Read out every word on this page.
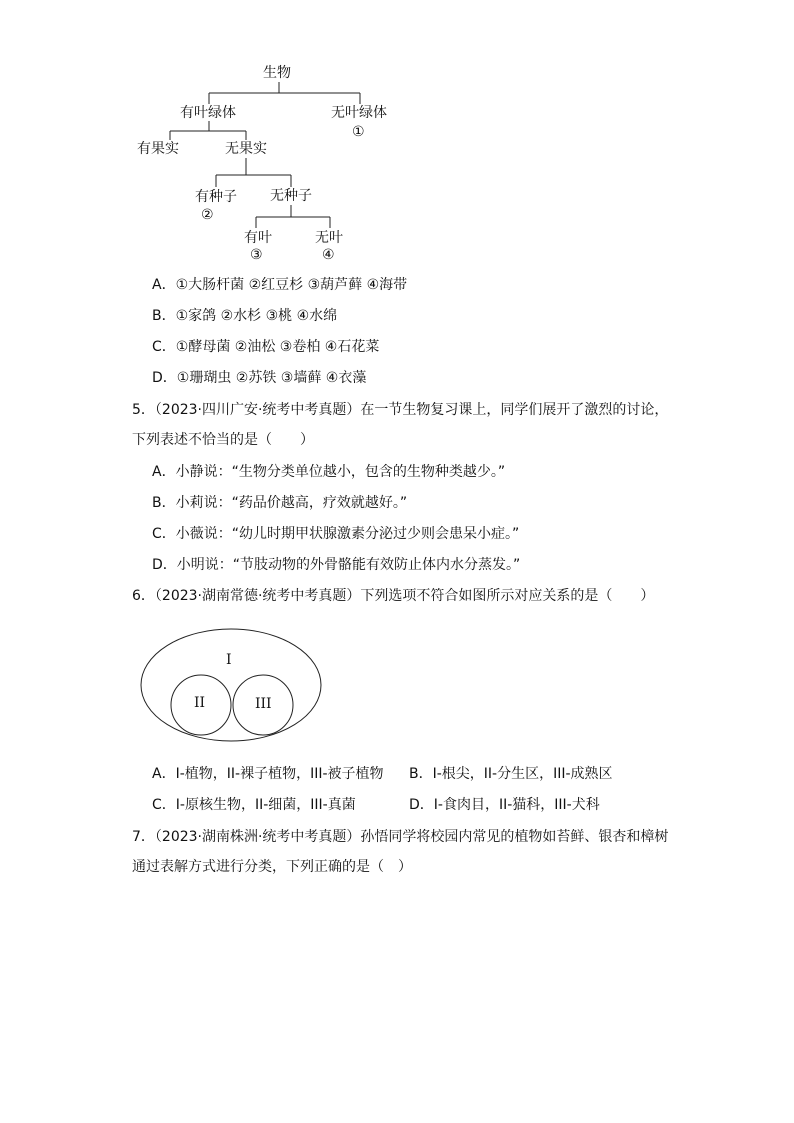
生物
有叶绿体	无叶绿体
①
有果实	无果实
有种子
②
无种子
有叶
③
无叶
④
A．①大肠杆菌 ②红豆杉 ③葫芦藓 ④海带
B．①家鸽 ②水杉 ③桃 ④水绵
C．①酵母菌 ②油松 ③卷柏 ④石花菜
D．①珊瑚虫 ②苏铁 ③墙藓 ④衣藻
5．（2023·四川广安·统考中考真题）在一节生物复习课上，同学们展开了激烈的讨论，
下列表述不恰当的是（　　）
A．小静说：“生物分类单位越小，包含的生物种类越少。”
B．小莉说：“药品价越高，疗效就越好。”
C．小薇说：“幼儿时期甲状腺激素分泌过少则会患呆小症。”
D．小明说：“节肢动物的外骨骼能有效防止体内水分蒸发。”
6．（2023·湖南常德·统考中考真题）下列选项不符合如图所示对应关系的是（　　）
I
II	III
A．I-植物，II-裸子植物，III-被子植物 B．I-根尖，II-分生区，III-成熟区
C．I-原核生物，II-细菌，III-真菌	D．I-食肉目，II-猫科，III-犬科
7．（2023·湖南株洲·统考中考真题）孙悟同学将校园内常见的植物如苔鲜、银杏和樟树
通过表解方式进行分类，下列正确的是（　）
